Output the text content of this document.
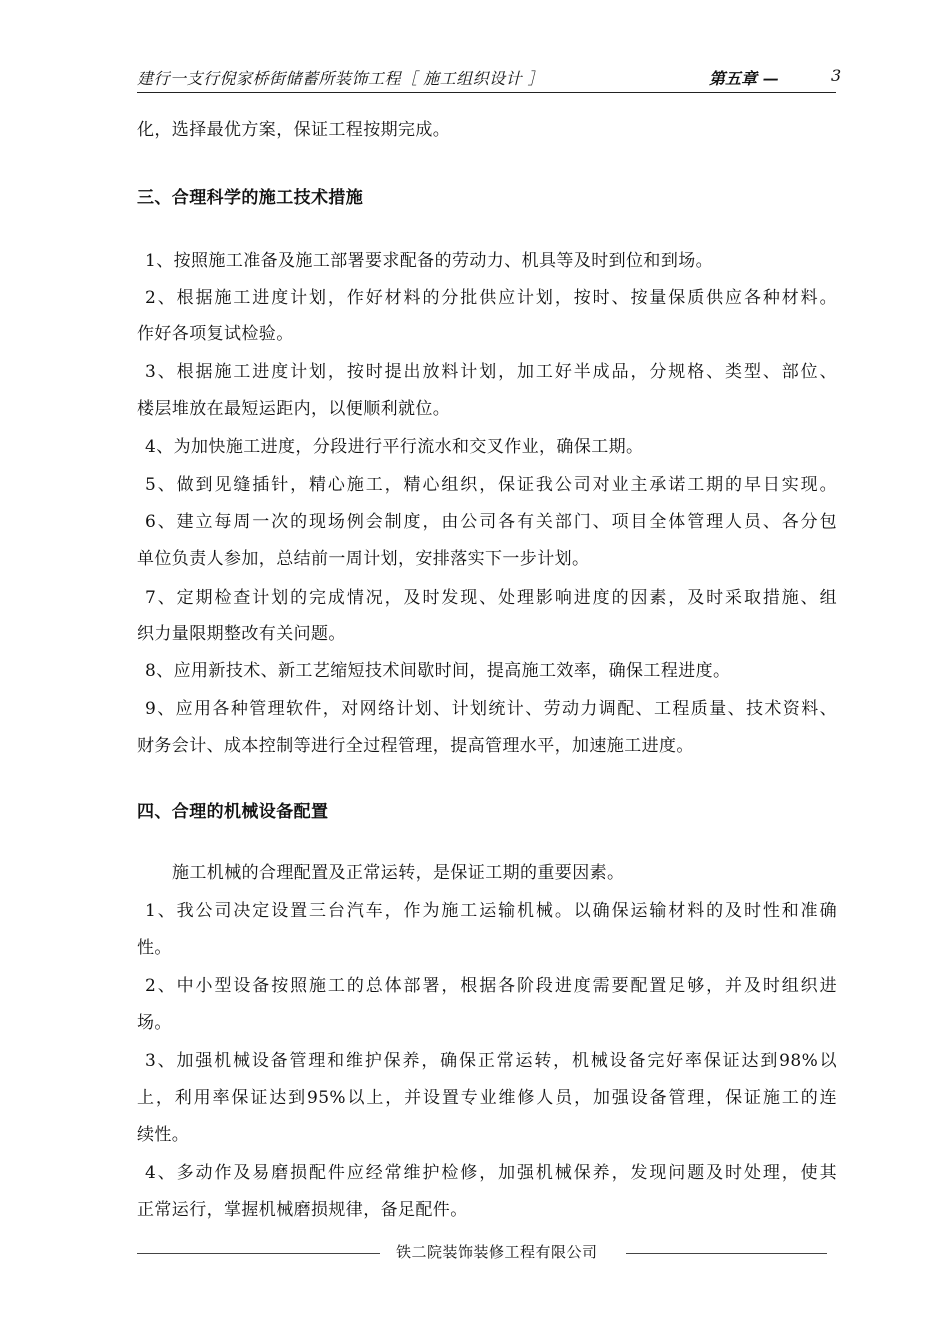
建行一支行倪家桥街储蓄所装饰工程［ 施工组织设计 ］	第五章 —	3
化，选择最优方案，保证工程按期完成。
三、合理科学的施工技术措施
1、按照施工准备及施工部署要求配备的劳动力、机具等及时到位和到场。
2、根据施工进度计划，作好材料的分批供应计划，按时、按量保质供应各种材料。
作好各项复试检验。
3、根据施工进度计划，按时提出放料计划，加工好半成品，分规格、类型、部位、
楼层堆放在最短运距内，以便顺利就位。
4、为加快施工进度，分段进行平行流水和交叉作业，确保工期。
5、做到见缝插针，精心施工，精心组织，保证我公司对业主承诺工期的早日实现。
6、建立每周一次的现场例会制度，由公司各有关部门、项目全体管理人员、各分包
单位负责人参加，总结前一周计划，安排落实下一步计划。
7、定期检查计划的完成情况，及时发现、处理影响进度的因素，及时采取措施、组
织力量限期整改有关问题。
8、应用新技术、新工艺缩短技术间歇时间，提高施工效率，确保工程进度。
9、应用各种管理软件，对网络计划、计划统计、劳动力调配、工程质量、技术资料、
财务会计、成本控制等进行全过程管理，提高管理水平，加速施工进度。
四、合理的机械设备配置
施工机械的合理配置及正常运转，是保证工期的重要因素。
1、我公司决定设置三台汽车，作为施工运输机械。以确保运输材料的及时性和准确
性。
2、中小型设备按照施工的总体部署，根据各阶段进度需要配置足够，并及时组织进
场。
3、加强机械设备管理和维护保养，确保正常运转，机械设备完好率保证达到98%以
上，利用率保证达到95%以上，并设置专业维修人员，加强设备管理，保证施工的连
续性。
4、多动作及易磨损配件应经常维护检修，加强机械保养，发现问题及时处理，使其
正常运行，掌握机械磨损规律，备足配件。
铁二院装饰装修工程有限公司
